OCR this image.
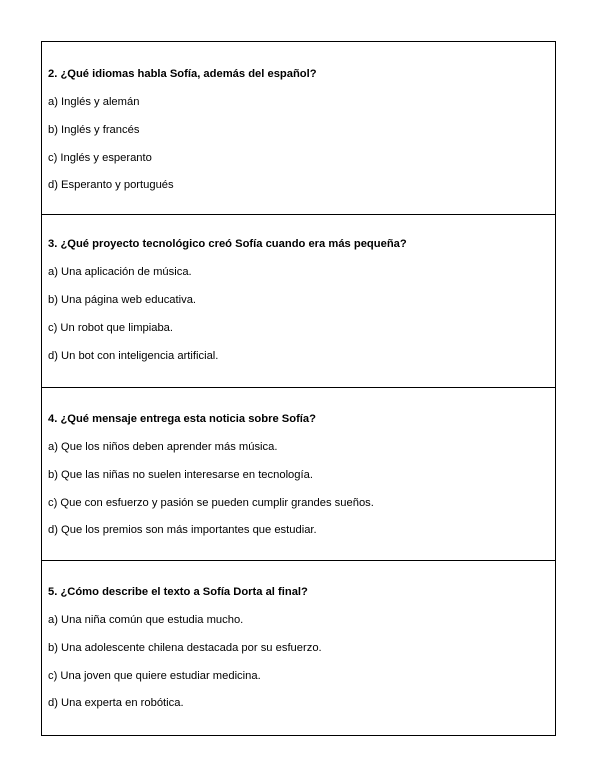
2. ¿Qué idiomas habla Sofía, además del español?
a) Inglés y alemán
b) Inglés y francés
c) Inglés y esperanto
d) Esperanto y portugués
3. ¿Qué proyecto tecnológico creó Sofía cuando era más pequeña?
a) Una aplicación de música.
b) Una página web educativa.
c) Un robot que limpiaba.
d) Un bot con inteligencia artificial.
4. ¿Qué mensaje entrega esta noticia sobre Sofía?
a) Que los niños deben aprender más música.
b) Que las niñas no suelen interesarse en tecnología.
c) Que con esfuerzo y pasión se pueden cumplir grandes sueños.
d) Que los premios son más importantes que estudiar.
5. ¿Cómo describe el texto a Sofía Dorta al final?
a) Una niña común que estudia mucho.
b) Una adolescente chilena destacada por su esfuerzo.
c) Una joven que quiere estudiar medicina.
d) Una experta en robótica.
